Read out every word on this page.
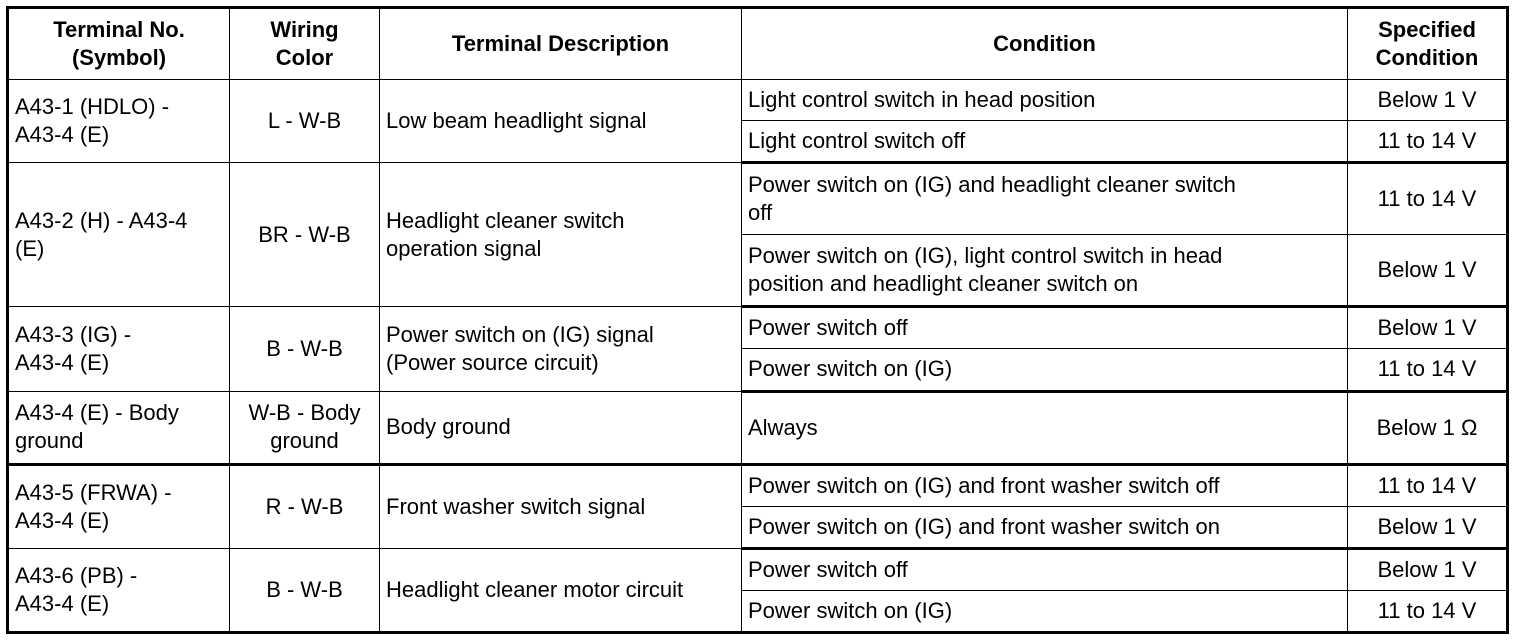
Terminal No.
(Symbol)	Wiring
Color	Terminal Description	Condition	Specified
Condition
A43-1 (HDLO) -
A43-4 (E)	L - W-B	Low beam headlight signal	Light control switch in head position	Below 1 V
			Light control switch off	11 to 14 V
A43-2 (H) - A43-4
(E)	BR - W-B	Headlight cleaner switch
operation signal	Power switch on (IG) and headlight cleaner switch
off	11 to 14 V
			Power switch on (IG), light control switch in head
position and headlight cleaner switch on	Below 1 V
A43-3 (IG) -
A43-4 (E)	B - W-B	Power switch on (IG) signal
(Power source circuit)	Power switch off	Below 1 V
			Power switch on (IG)	11 to 14 V
A43-4 (E) - Body
ground	W-B - Body
ground	Body ground	Always	Below 1 Ω
A43-5 (FRWA) -
A43-4 (E)	R - W-B	Front washer switch signal	Power switch on (IG) and front washer switch off	11 to 14 V
			Power switch on (IG) and front washer switch on	Below 1 V
A43-6 (PB) -
A43-4 (E)	B - W-B	Headlight cleaner motor circuit	Power switch off	Below 1 V
			Power switch on (IG)	11 to 14 V
